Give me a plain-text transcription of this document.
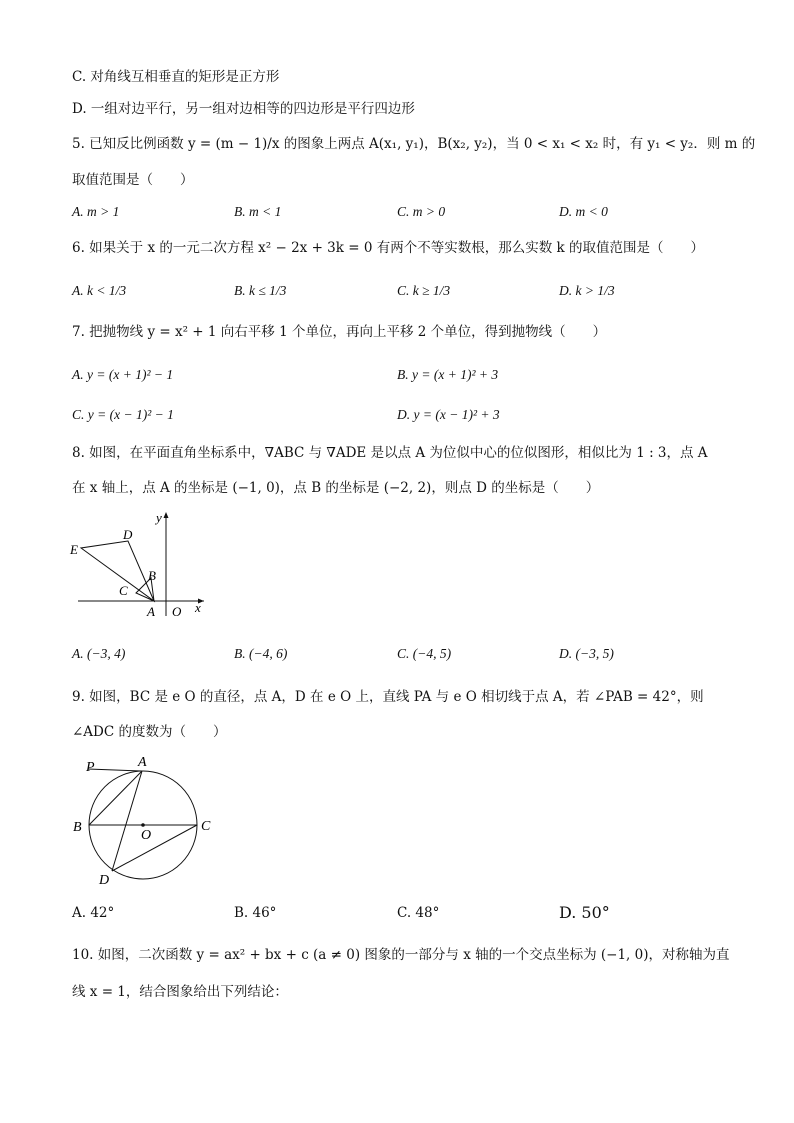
C. 对角线互相垂直的矩形是正方形
D. 一组对边平行，另一组对边相等的四边形是平行四边形
5. 已知反比例函数 y = (m − 1)/x 的图象上两点 A(x₁, y₁)，B(x₂, y₂)，当 0 < x₁ < x₂ 时，有 y₁ < y₂．则 m 的
取值范围是（　　）
A. m > 1	B. m < 1	C. m > 0	D. m < 0
6. 如果关于 x 的一元二次方程 x² − 2x + 3k = 0 有两个不等实数根，那么实数 k 的取值范围是（　　）
A. k < 1/3	B. k ≤ 1/3	C. k ≥ 1/3	D. k > 1/3
7. 把抛物线 y = x² + 1 向右平移 1 个单位，再向上平移 2 个单位，得到抛物线（　　）
A. y = (x + 1)² − 1	B. y = (x + 1)² + 3
C. y = (x − 1)² − 1	D. y = (x − 1)² + 3
8. 如图，在平面直角坐标系中，∇ABC 与 ∇ADE 是以点 A 为位似中心的位似图形，相似比为 1 : 3，点 A
在 x 轴上，点 A 的坐标是 (−1, 0)，点 B 的坐标是 (−2, 2)，则点 D 的坐标是（　　）
y
x
O
A
B
C
D
E
A. (−3, 4)	B. (−4, 6)	C. (−4, 5)	D. (−3, 5)
9. 如图，BC 是 e O 的直径，点 A，D 在 e O 上，直线 PA 与 e O 相切线于点 A，若 ∠PAB = 42°，则
∠ADC 的度数为（　　）
P	A
B	C
O
D
A. 42°	B. 46°	C. 48°	D. 50°
10. 如图，二次函数 y = ax² + bx + c (a ≠ 0) 图象的一部分与 x 轴的一个交点坐标为 (−1, 0)，对称轴为直
线 x = 1，结合图象给出下列结论：
